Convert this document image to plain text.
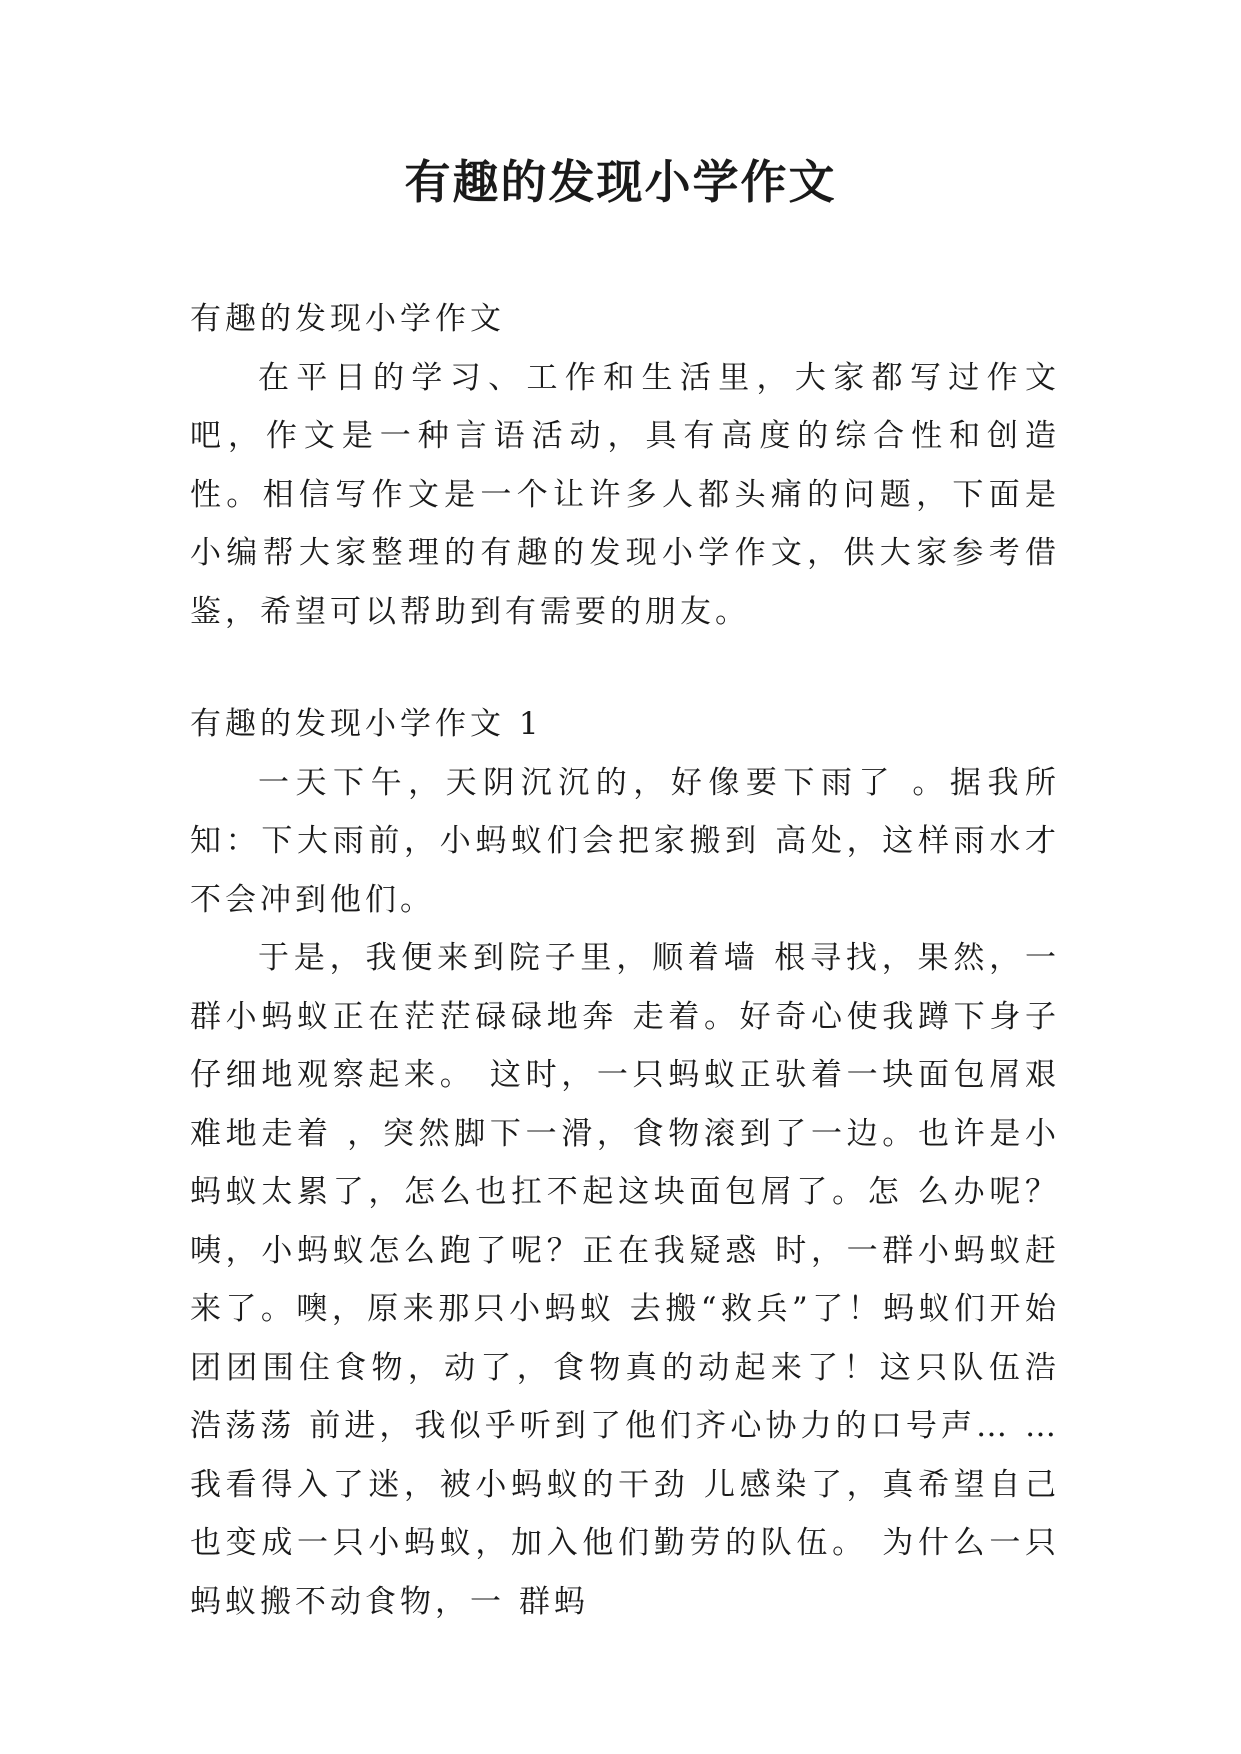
有趣的发现小学作文
有趣的发现小学作文

在平日的学习、工作和生活里，大家都写过作文吧，作文是一种言语活动，具有高度的综合性和创造性。相信写作文是一个让许多人都头痛的问题，下面是小编帮大家整理的有趣的发现小学作文，供大家参考借鉴，希望可以帮助到有需要的朋友。

有趣的发现小学作文 1

一天下午，天阴沉沉的，好像要下雨了 。据我所知：下大雨前，小蚂蚁们会把家搬到 高处，这样雨水才不会冲到他们。

于是，我便来到院子里，顺着墙 根寻找，果然，一群小蚂蚁正在茫茫碌碌地奔 走着。好奇心使我蹲下身子仔细地观察起来。 这时，一只蚂蚁正驮着一块面包屑艰难地走着 ，突然脚下一滑，食物滚到了一边。也许是小 蚂蚁太累了，怎么也扛不起这块面包屑了。怎 么办呢？咦，小蚂蚁怎么跑了呢？正在我疑惑 时，一群小蚂蚁赶来了。噢，原来那只小蚂蚁 去搬“救兵”了！蚂蚁们开始团团围住食物，动了，食物真的动起来了！这只队伍浩浩荡荡 前进，我似乎听到了他们齐心协力的口号声… … 我看得入了迷，被小蚂蚁的干劲 儿感染了，真希望自己也变成一只小蚂蚁，加入他们勤劳的队伍。 为什么一只蚂蚁搬不动食物，一 群蚂
